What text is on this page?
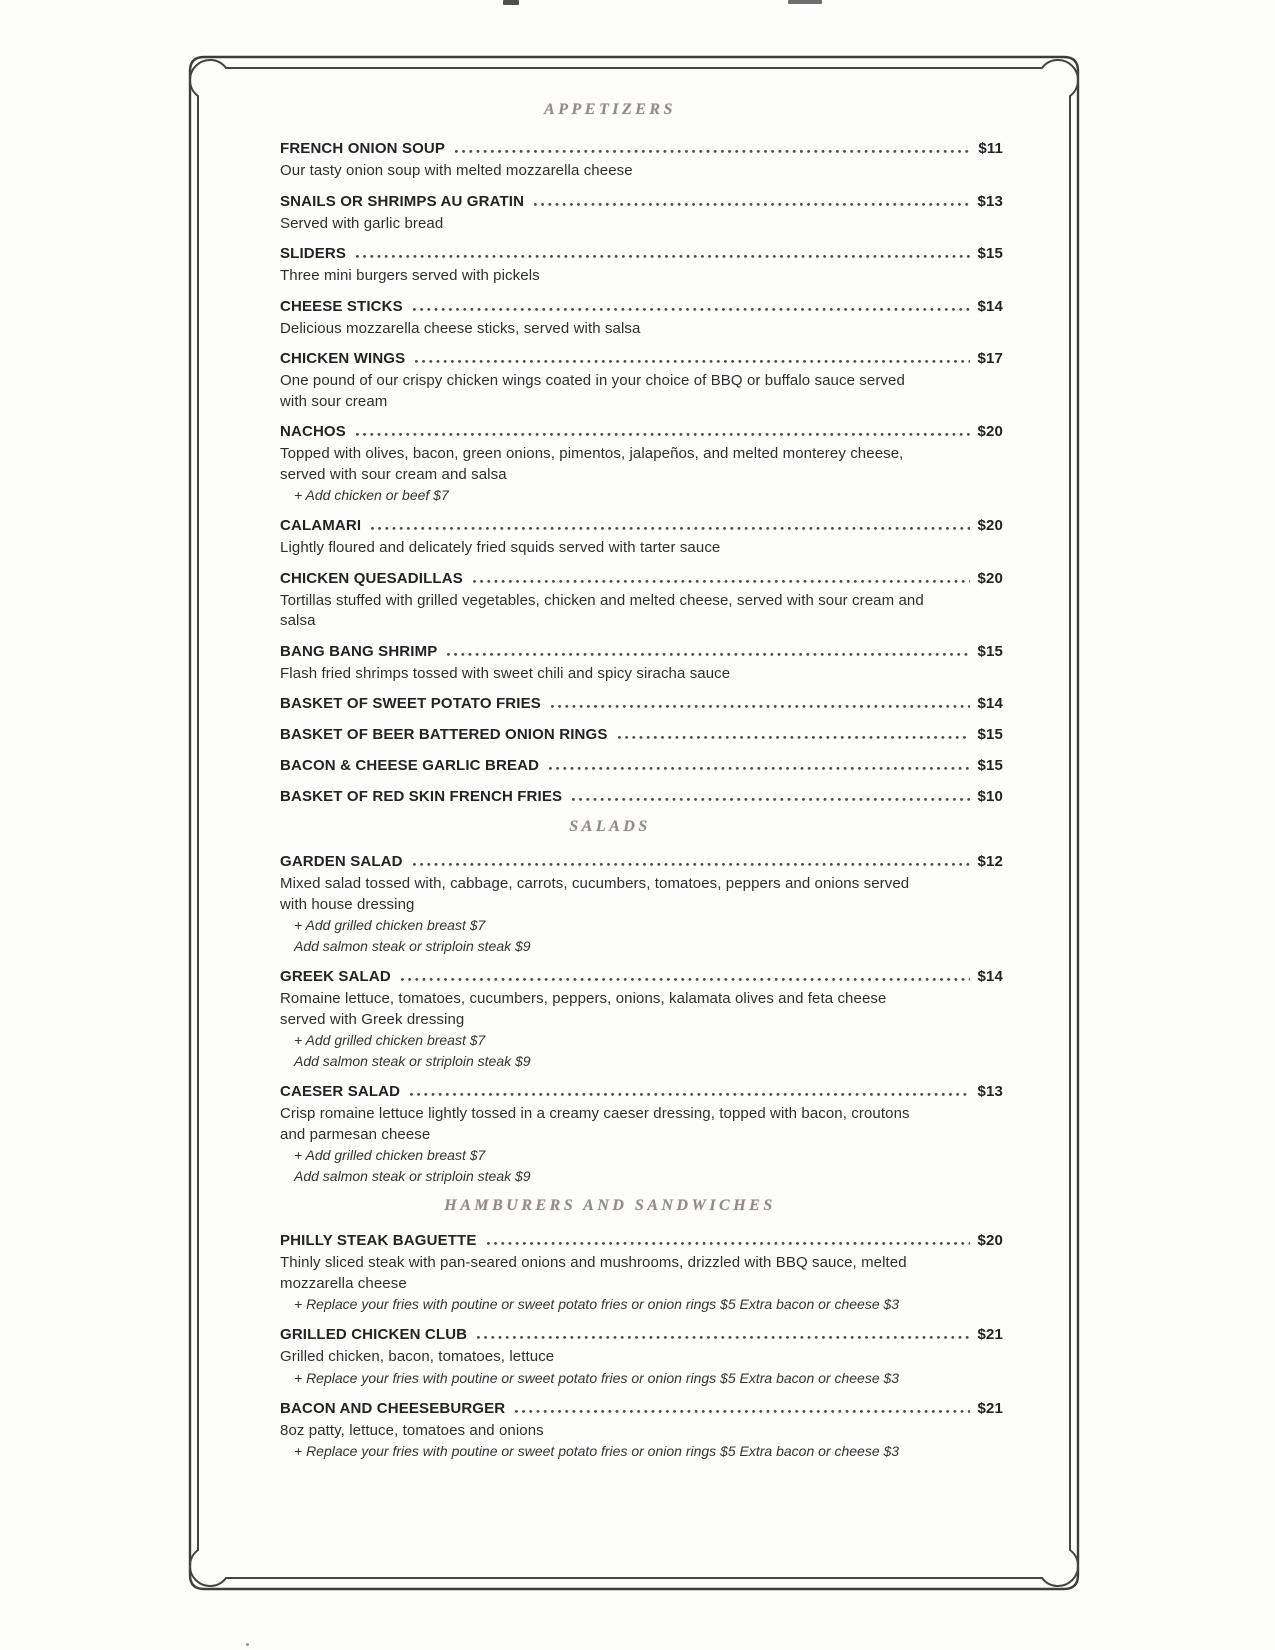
APPETIZERS
FRENCH ONION SOUP	$11

Our tasty onion soup with melted mozzarella cheese

SNAILS OR SHRIMPS AU GRATIN	$13

Served with garlic bread

SLIDERS	$15

Three mini burgers served with pickels

CHEESE STICKS	$14

Delicious mozzarella cheese sticks, served with salsa

CHICKEN WINGS	$17

One pound of our crispy chicken wings coated in your choice of BBQ or buffalo sauce served with sour cream

NACHOS	$20

Topped with olives, bacon, green onions, pimentos, jalapeños, and melted monterey cheese, served with sour cream and salsa

+ Add chicken or beef $7

CALAMARI	$20

Lightly floured and delicately fried squids served with tarter sauce

CHICKEN QUESADILLAS	$20

Tortillas stuffed with grilled vegetables, chicken and melted cheese, served with sour cream and salsa

BANG BANG SHRIMP	$15

Flash fried shrimps tossed with sweet chili and spicy siracha sauce

BASKET OF SWEET POTATO FRIES	$14
BASKET OF BEER BATTERED ONION RINGS	$15
BACON & CHEESE GARLIC BREAD	$15
BASKET OF RED SKIN FRENCH FRIES	$10
SALADS
GARDEN SALAD	$12

Mixed salad tossed with, cabbage, carrots, cucumbers, tomatoes, peppers and onions served with house dressing

+ Add grilled chicken breast $7

Add salmon steak or striploin steak $9

GREEK SALAD	$14

Romaine lettuce, tomatoes, cucumbers, peppers, onions, kalamata olives and feta cheese served with Greek dressing

+ Add grilled chicken breast $7

Add salmon steak or striploin steak $9

CAESER SALAD	$13

Crisp romaine lettuce lightly tossed in a creamy caeser dressing, topped with bacon, croutons and parmesan cheese

+ Add grilled chicken breast $7

Add salmon steak or striploin steak $9

HAMBURERS AND SANDWICHES
PHILLY STEAK BAGUETTE	$20

Thinly sliced steak with pan-seared onions and mushrooms, drizzled with BBQ sauce, melted mozzarella cheese

+ Replace your fries with poutine or sweet potato fries or onion rings $5 Extra bacon or cheese $3

GRILLED CHICKEN CLUB	$21

Grilled chicken, bacon, tomatoes, lettuce

+ Replace your fries with poutine or sweet potato fries or onion rings $5 Extra bacon or cheese $3

BACON AND CHEESEBURGER	$21

8oz patty, lettuce, tomatoes and onions

+ Replace your fries with poutine or sweet potato fries or onion rings $5 Extra bacon or cheese $3
